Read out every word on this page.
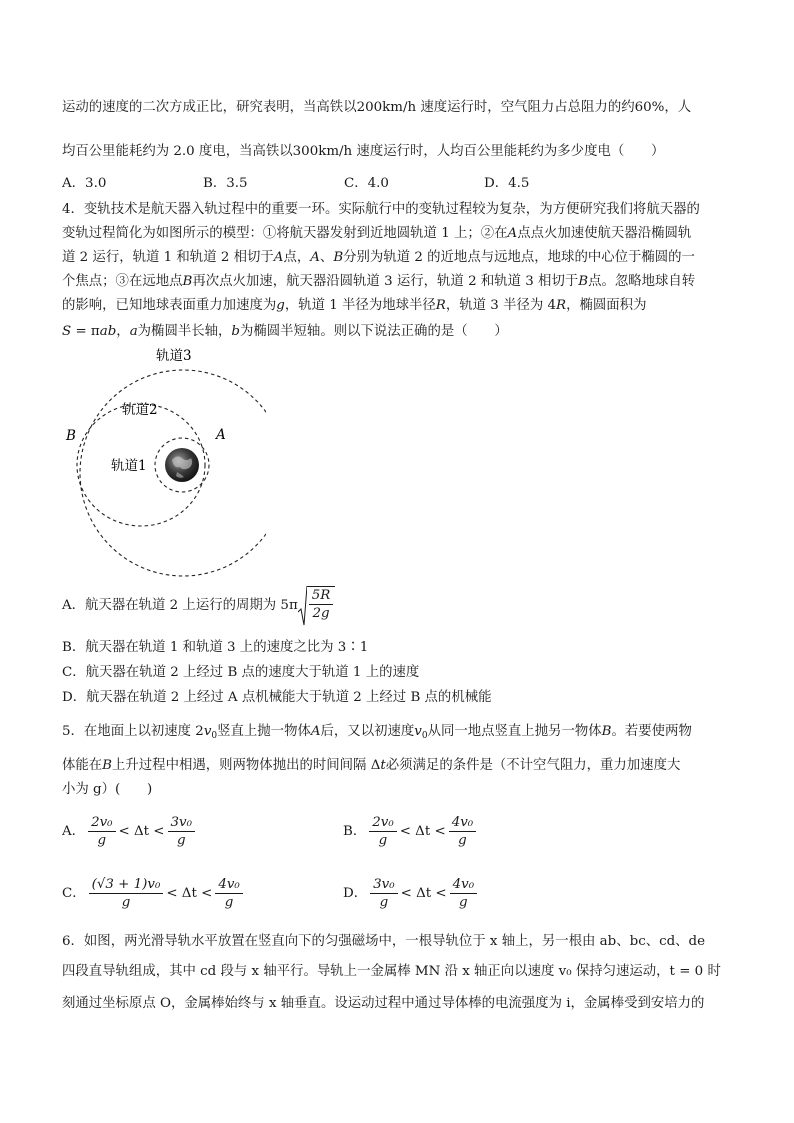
运动的速度的二次方成正比，研究表明，当高铁以200km/h 速度运行时，空气阻力占总阻力的约60%，人
均百公里能耗约为 2.0 度电，当高铁以300km/h 速度运行时，人均百公里能耗约为多少度电（　　）
A．3.0	B．3.5	C．4.0	D．4.5
4．变轨技术是航天器入轨过程中的重要一环。实际航行中的变轨过程较为复杂，为方便研究我们将航天器的
变轨过程简化为如图所示的模型：①将航天器发射到近地圆轨道 1 上；②在A点点火加速使航天器沿椭圆轨
道 2 运行，轨道 1 和轨道 2 相切于A点，A、B分别为轨道 2 的近地点与远地点，地球的中心位于椭圆的一
个焦点；③在远地点B再次点火加速，航天器沿圆轨道 3 运行，轨道 2 和轨道 3 相切于B点。忽略地球自转
的影响，已知地球表面重力加速度为g，轨道 1 半径为地球半径R，轨道 3 半径为 4R，椭圆面积为
S = πab，a为椭圆半长轴，b为椭圆半短轴。则以下说法正确的是（　　）
轨道3
轨道2
轨道1
A
B
A．航天器在轨道 2 上运行的周期为 $5\pi \frac{5R}{2g}$
B．航天器在轨道 1 和轨道 3 上的速度之比为 3∶1
C．航天器在轨道 2 上经过 B 点的速度大于轨道 1 上的速度
D．航天器在轨道 2 上经过 A 点机械能大于轨道 2 上经过 B 点的机械能
5．在地面上以初速度 $2v_0$竖直上抛一物体A后，又以初速度$v_0$从同一地点竖直上抛另一物体B。若要使两物
体能在B上升过程中相遇，则两物体抛出的时间间隔 Δt必须满足的条件是（不计空气阻力，重力加速度大
小为 g）(　　)
A． $\frac{\text{2v₀}}{g} < \Delta t < \frac{\text{3v₀}}{g}$	B． $\frac{\text{2v₀}}{g} < \Delta t < \frac{\text{4v₀}}{g}$
C． $\frac{\text{(√3 + 1)v₀}}{g} < \Delta t < \frac{\text{4v₀}}{g}$	D． $\frac{\text{3v₀}}{g} < \Delta t < \frac{\text{4v₀}}{g}$
6．如图，两光滑导轨水平放置在竖直向下的匀强磁场中，一根导轨位于 x 轴上，另一根由 ab、bc、cd、de
四段直导轨组成，其中 cd 段与 x 轴平行。导轨上一金属棒 MN 沿 x 轴正向以速度 v₀ 保持匀速运动，t = 0 时
刻通过坐标原点 O，金属棒始终与 x 轴垂直。设运动过程中通过导体棒的电流强度为 i，金属棒受到安培力的
